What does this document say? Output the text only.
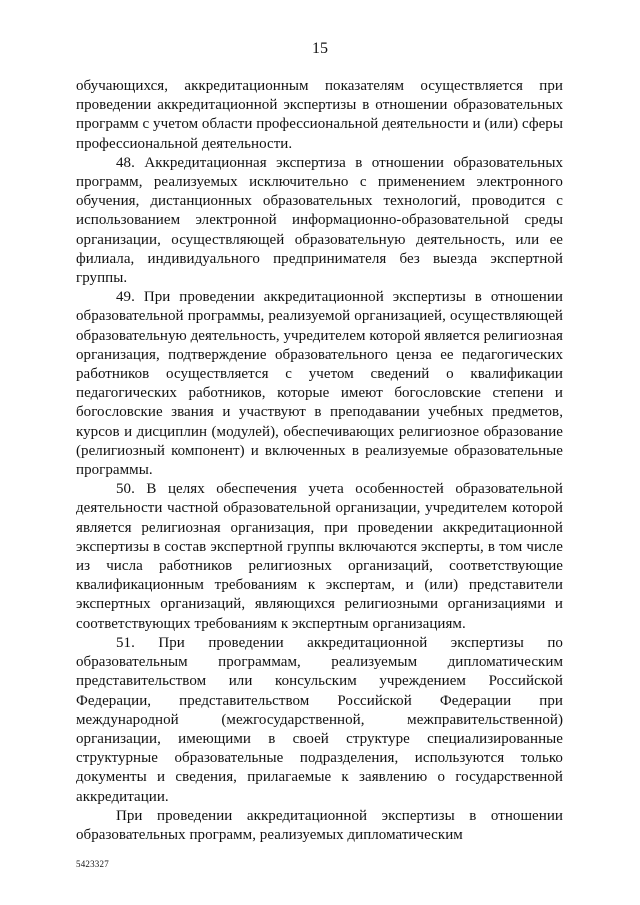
15

обучающихся, аккредитационным показателям осуществляется при проведении аккредитационной экспертизы в отношении образовательных программ с учетом области профессиональной деятельности и (или) сферы профессиональной деятельности.

48. Аккредитационная экспертиза в отношении образовательных программ, реализуемых исключительно с применением электронного обучения, дистанционных образовательных технологий, проводится с использованием электронной информационно-образовательной среды организации, осуществляющей образовательную деятельность, или ее филиала, индивидуального предпринимателя без выезда экспертной группы.

49. При проведении аккредитационной экспертизы в отношении образовательной программы, реализуемой организацией, осуществляющей образовательную деятельность, учредителем которой является религиозная организация, подтверждение образовательного ценза ее педагогических работников осуществляется с учетом сведений о квалификации педагогических работников, которые имеют богословские степени и богословские звания и участвуют в преподавании учебных предметов, курсов и дисциплин (модулей), обеспечивающих религиозное образование (религиозный компонент) и включенных в реализуемые образовательные программы.

50. В целях обеспечения учета особенностей образовательной деятельности частной образовательной организации, учредителем которой является религиозная организация, при проведении аккредитационной экспертизы в состав экспертной группы включаются эксперты, в том числе из числа работников религиозных организаций, соответствующие квалификационным требованиям к экспертам, и (или) представители экспертных организаций, являющихся религиозными организациями и соответствующих требованиям к экспертным организациям.

51. При проведении аккредитационной экспертизы по образовательным программам, реализуемым дипломатическим представительством или консульским учреждением Российской Федерации, представительством Российской Федерации при международной (межгосударственной, межправительственной) организации, имеющими в своей структуре специализированные структурные образовательные подразделения, используются только документы и сведения, прилагаемые к заявлению о государственной аккредитации.

При проведении аккредитационной экспертизы в отношении образовательных программ, реализуемых дипломатическим

5423327
